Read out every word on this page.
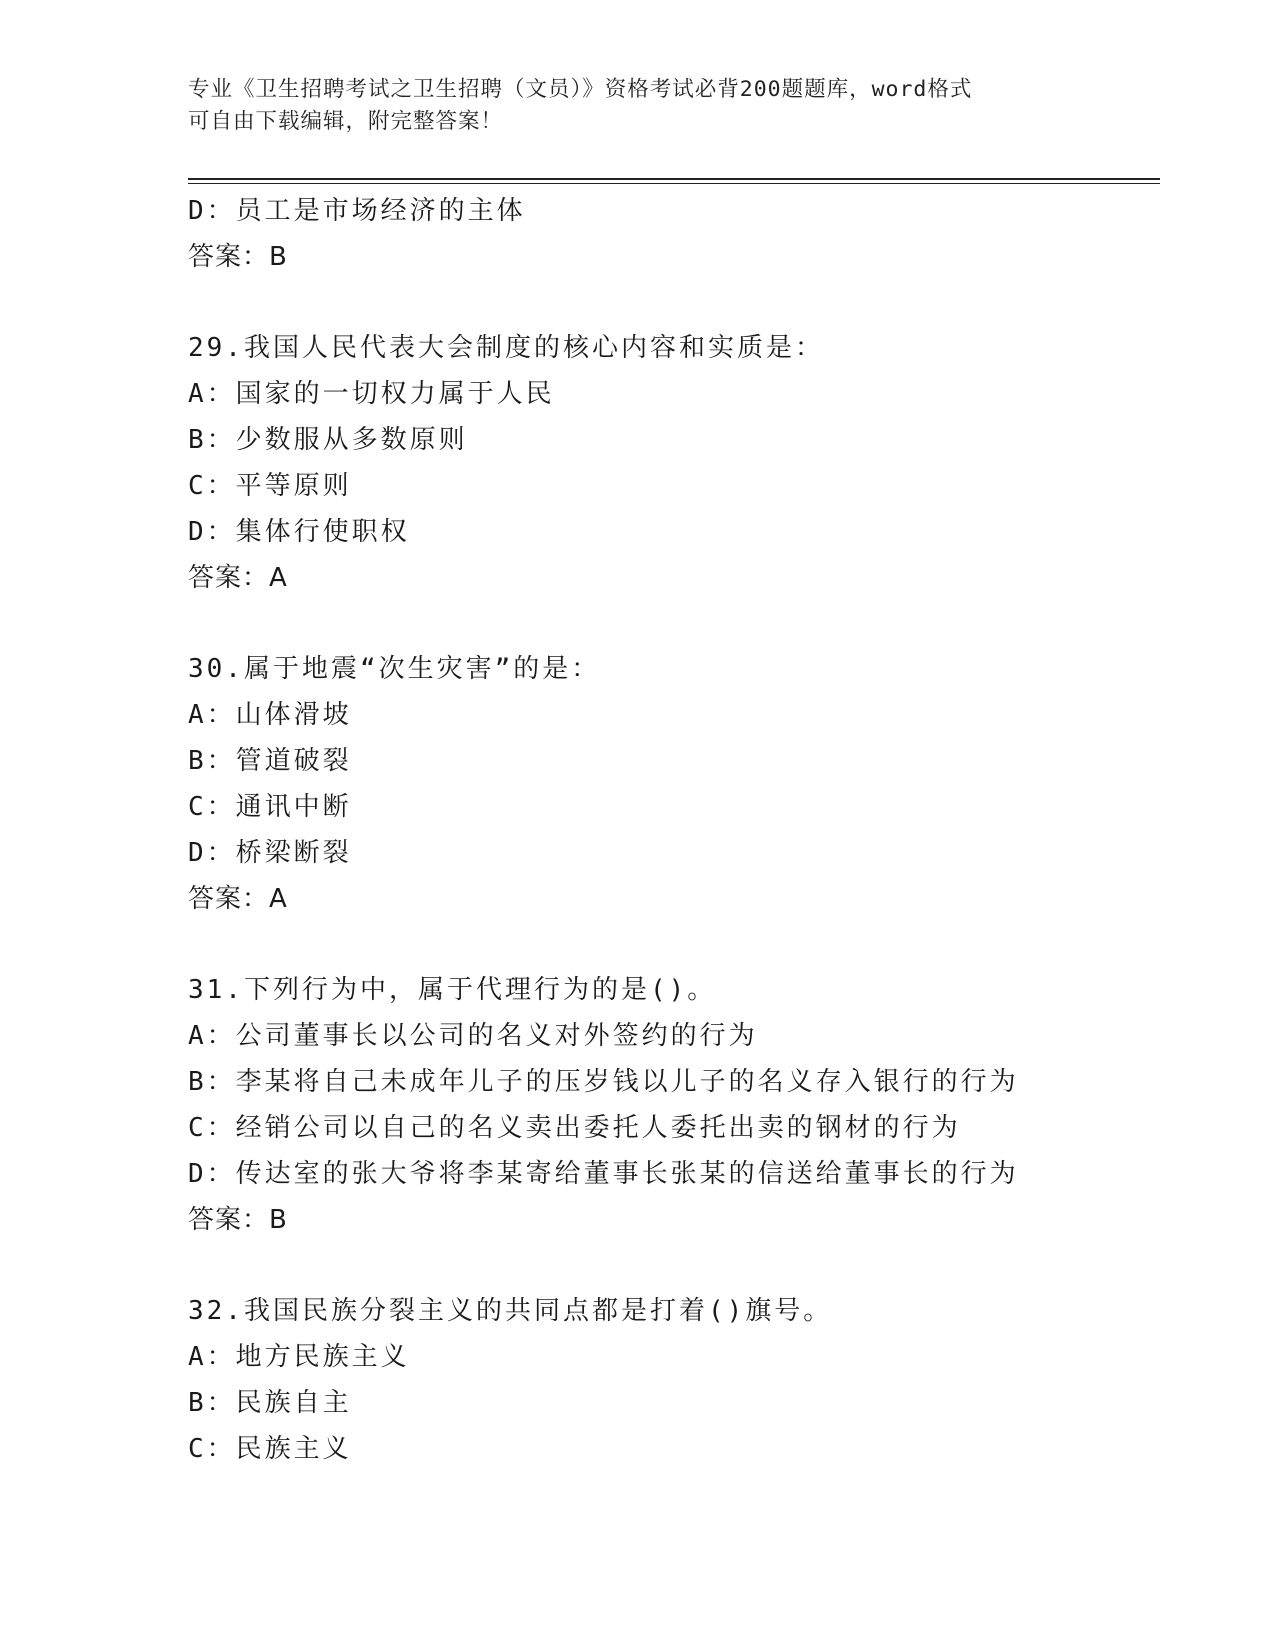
专业《卫生招聘考试之卫生招聘（文员）》资格考试必背200题题库，word格式
可自由下载编辑，附完整答案！
D：员工是市场经济的主体
答案：B
29.我国人民代表大会制度的核心内容和实质是：
A：国家的一切权力属于人民
B：少数服从多数原则
C：平等原则
D：集体行使职权
答案：A
30.属于地震“次生灾害”的是：
A：山体滑坡
B：管道破裂
C：通讯中断
D：桥梁断裂
答案：A
31.下列行为中，属于代理行为的是()。
A：公司董事长以公司的名义对外签约的行为
B：李某将自己未成年儿子的压岁钱以儿子的名义存入银行的行为
C：经销公司以自己的名义卖出委托人委托出卖的钢材的行为
D：传达室的张大爷将李某寄给董事长张某的信送给董事长的行为
答案：B
32.我国民族分裂主义的共同点都是打着()旗号。
A：地方民族主义
B：民族自主
C：民族主义
